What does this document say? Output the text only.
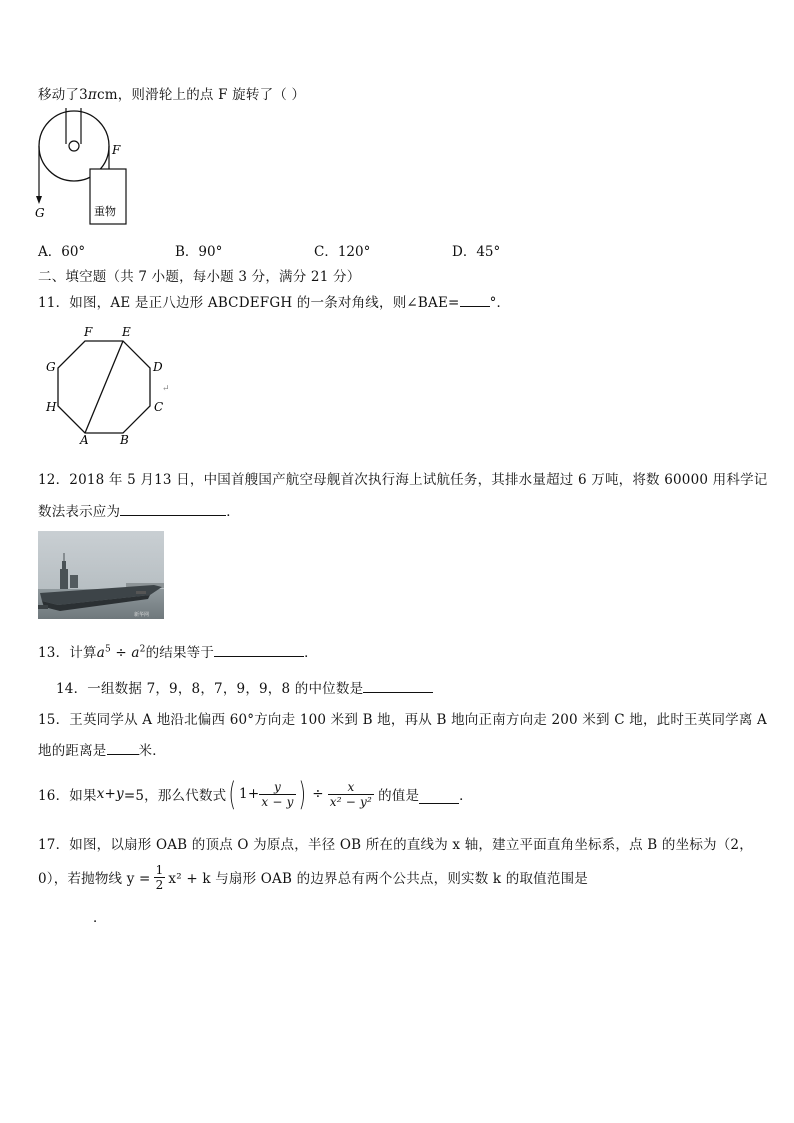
移动了3πcm，则滑轮上的点 F 旋转了（ ）
G
F
重物
A．60°	B．90°	C．120°	D．45°
二、填空题（共 7 小题，每小题 3 分，满分 21 分）
11．如图，AE 是正八边形 ABCDEFGH 的一条对角线，则∠BAE= °．
A	B
C
D
E
F
G
H
↵
12．2018 年 5 月13 日，中国首艘国产航空母舰首次执行海上试航任务，其排水量超过 6 万吨，将数 60000 用科学记
数法表示应为	．
新华网
13．计算$a^5 \div a^2$的结果等于	．
14．一组数据 7，9，8，7，9，9，8 的中位数是
15．王英同学从 A 地沿北偏西 60°方向走 100 米到 B 地，再从 B 地向正南方向走 200 米到 C 地，此时王英同学离 A
地的距离是 米．
16．如果 x+y =5，那么代数式 ( $1+ \frac{y}{x - y}$ ) ÷ $\frac{x}{\text{x² − y²}}$ 的值是	．
17．如图，以扇形 OAB 的顶点 O 为原点，半径 OB 所在的直线为 x 轴，建立平面直角坐标系，点 B 的坐标为（2，
0），若抛物线 $y = \frac{1}{2} x^2 + k$ 与扇形 OAB 的边界总有两个公共点，则实数 k 的取值范围是
．
